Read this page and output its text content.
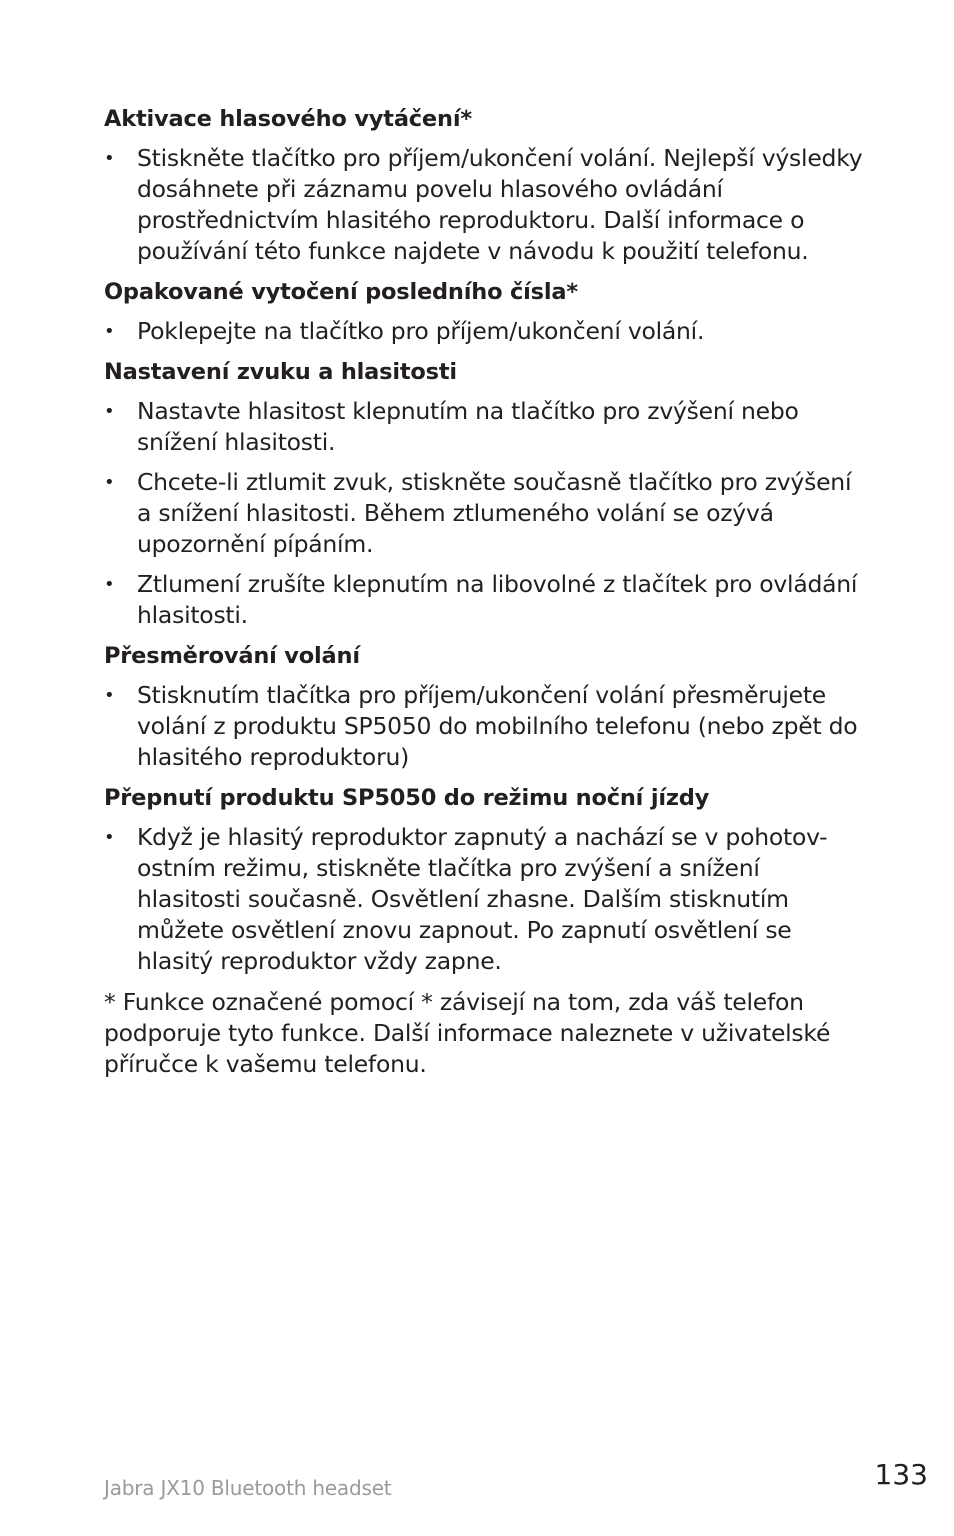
Aktivace hlasového vytáčení*
• Stiskněte tlačítko pro příjem/ukončení volání. Nejlepší výsledky dosáhnete při záznamu povelu hlasového ovládání prostřednictvím hlasitého reproduktoru. Další informace o používání této funkce najdete v návodu k použití telefonu.
Opakované vytočení posledního čísla*
• Poklepejte na tlačítko pro příjem/ukončení volání.
Nastavení zvuku a hlasitosti
• Nastavte hlasitost klepnutím na tlačítko pro zvýšení nebo snížení hlasitosti.
• Chcete-li ztlumit zvuk, stiskněte současně tlačítko pro zvýšení a snížení hlasitosti. Během ztlumeného volání se ozývá upozornění pípáním.
• Ztlumení zrušíte klepnutím na libovolné z tlačítek pro ovládání hlasitosti.
Přesměrování volání
• Stisknutím tlačítka pro příjem/ukončení volání přesměrujete volání z produktu SP5050 do mobilního telefonu (nebo zpět do hlasitého reproduktoru)
Přepnutí produktu SP5050 do režimu noční jízdy
• Když je hlasitý reproduktor zapnutý a nachází se v pohotov-ostním režimu, stiskněte tlačítka pro zvýšení a snížení hlasitosti současně. Osvětlení zhasne. Dalším stisknutím můžete osvětlení znovu zapnout. Po zapnutí osvětlení se hlasitý reproduktor vždy zapne.

* Funkce označené pomocí * závisejí na tom, zda váš telefon podporuje tyto funkce. Další informace naleznete v uživatelské příručce k vašemu telefonu.

Jabra JX10 Bluetooth headset	133
